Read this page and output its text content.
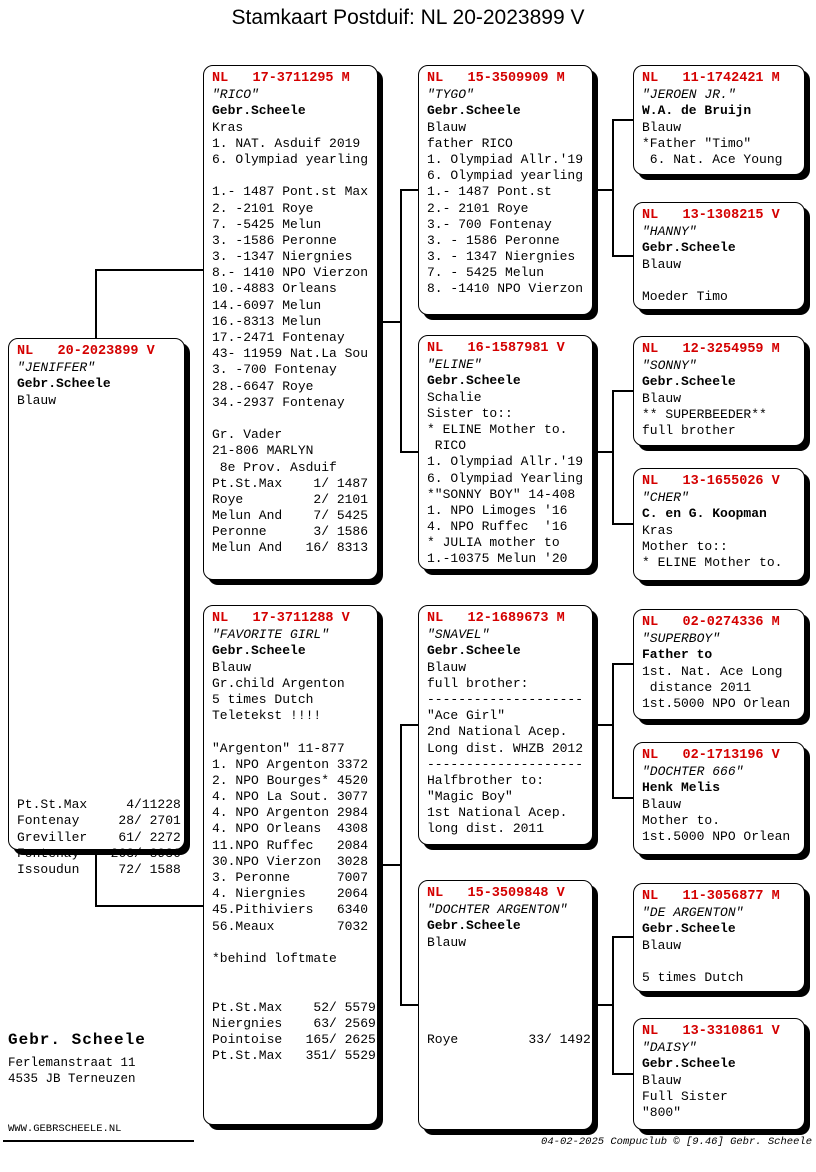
Stamkaart Postduif: NL 20-2023899 V
NL   20-2023899 V
"JENIFFER"
Gebr.Scheele
Blauw

Pt.St.Max     4/11228
Fontenay     28/ 2701
Greviller    61/ 2272
Fontenay    263/ 8936
Issoudun     72/ 1588
NL   17-3711295 M
"RICO"
Gebr.Scheele
Kras
1. NAT. Asduif 2019
6. Olympiad yearling

1.- 1487 Pont.st Max
2. -2101 Roye
7. -5425 Melun
3. -1586 Peronne
3. -1347 Niergnies
8.- 1410 NPO Vierzon
10.-4883 Orleans
14.-6097 Melun
16.-8313 Melun
17.-2471 Fontenay
43- 11959 Nat.La Sou
3. -700 Fontenay
28.-6647 Roye
34.-2937 Fontenay

Gr. Vader
21-806 MARLYN
8e Prov. Asduif
Pt.St.Max    1/ 1487
Roye         2/ 2101
Melun And    7/ 5425
Peronne      3/ 1586
Melun And   16/ 8313
NL   17-3711288 V
"FAVORITE GIRL"
Gebr.Scheele
Blauw
Gr.child Argenton
5 times Dutch
Teletekst !!!!

"Argenton" 11-877
1. NPO Argenton 3372
2. NPO Bourges* 4520
4. NPO La Sout. 3077
4. NPO Argenton 2984
4. NPO Orleans  4308
11.NPO Ruffec   2084
30.NPO Vierzon  3028
3. Peronne      7007
4. Niergnies    2064
45.Pithiviers   6340
56.Meaux        7032

*behind loftmate

Pt.St.Max    52/ 5579
Niergnies    63/ 2569
Pointoise   165/ 2625
Pt.St.Max   351/ 5529
NL   15-3509909 M
"TYGO"
Gebr.Scheele
Blauw
father RICO
1. Olympiad Allr.'19
6. Olympiad yearling
1.- 1487 Pont.st
2.- 2101 Roye
3.- 700 Fontenay
3. - 1586 Peronne
3. - 1347 Niergnies
7. - 5425 Melun
8. -1410 NPO Vierzon
NL   16-1587981 V
"ELINE"
Gebr.Scheele
Schalie
Sister to::
* ELINE Mother to.
RICO
1. Olympiad Allr.'19
6. Olympiad Yearling
*"SONNY BOY" 14-408
1. NPO Limoges '16
4. NPO Ruffec  '16
* JULIA mother to
1.-10375 Melun '20
NL   12-1689673 M
"SNAVEL"
Gebr.Scheele
Blauw
full brother:
--------------------
"Ace Girl"
2nd National Acep.
Long dist. WHZB 2012
--------------------
Halfbrother to:
"Magic Boy"
1st National Acep.
long dist. 2011
NL   15-3509848 V
"DOCHTER ARGENTON"
Gebr.Scheele
Blauw

Roye         33/ 1492

NL   11-1742421 M
"JEROEN JR."
W.A. de Bruijn
Blauw
*Father "Timo"
6. Nat. Ace Young
NL   13-1308215 V
"HANNY"
Gebr.Scheele
Blauw

Moeder Timo
NL   12-3254959 M
"SONNY"
Gebr.Scheele
Blauw
** SUPERBEEDER**
full brother
NL   13-1655026 V
"CHER"
C. en G. Koopman
Kras
Mother to::
* ELINE Mother to.
NL   02-0274336 M
"SUPERBOY"
Father to
1st. Nat. Ace Long
distance 2011
1st.5000 NPO Orlean
NL   02-1713196 V
"DOCHTER 666"
Henk Melis
Blauw
Mother to.
1st.5000 NPO Orlean
NL   11-3056877 M
"DE ARGENTON"
Gebr.Scheele
Blauw

5 times Dutch
NL   13-3310861 V
"DAISY"
Gebr.Scheele
Blauw
Full Sister
"800"
Gebr. Scheele
Ferlemanstraat 11
4535 JB Terneuzen
WWW.GEBRSCHEELE.NL
04-02-2025 Compuclub © [9.46] Gebr. Scheele
